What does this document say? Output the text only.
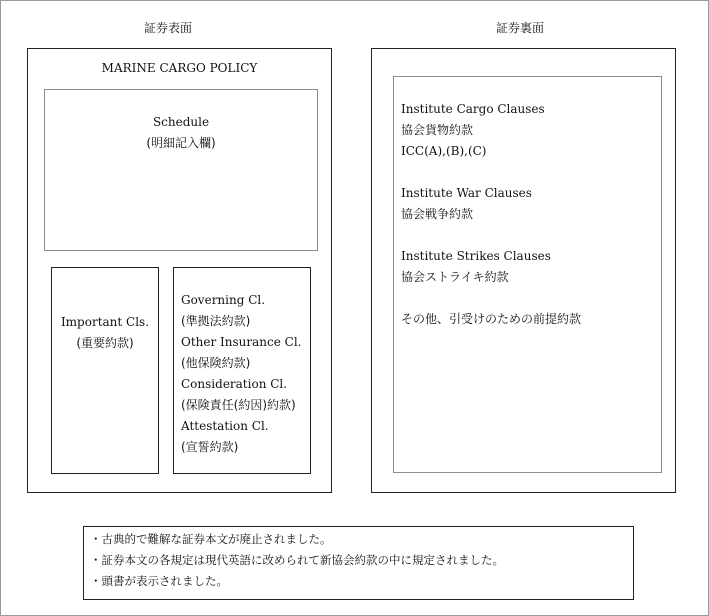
証券表面
MARINE CARGO POLICY
Schedule
(明細記入欄)
Important Cls.
(重要約款)
Governing Cl.
(準拠法約款)
Other Insurance Cl.
(他保険約款)
Consideration Cl.
(保険責任(約因)約款)
Attestation Cl.
(宣誓約款)
証券裏面
Institute Cargo Clauses
協会貨物約款
ICC(A),(B),(C)
Institute War Clauses
協会戦争約款
Institute Strikes Clauses
協会ストライキ約款
その他、引受けのための前提約款
・古典的で難解な証券本文が廃止されました。
・証券本文の各規定は現代英語に改められて新協会約款の中に規定されました。
・頭書が表示されました。
